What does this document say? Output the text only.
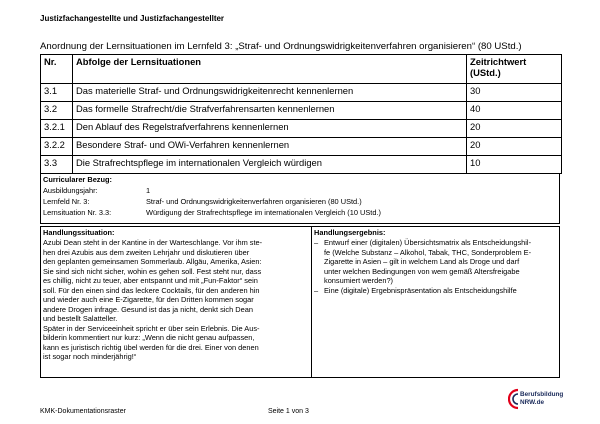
Justizfachangestellte und Justizfachangestellter
Anordnung der Lernsituationen im Lernfeld 3: „Straf- und Ordnungswidrigkeitenverfahren organisieren“ (80 UStd.)
Nr.	Abfolge der Lernsituationen	Zeitrichtwert (UStd.)
3.1	Das materielle Straf- und Ordnungswidrigkeitenrecht kennenlernen	30
3.2	Das formelle Strafrecht/die Strafverfahrensarten kennenlernen	40
3.2.1	Den Ablauf des Regelstrafverfahrens kennenlernen	20
3.2.2	Besondere Straf- und OWi-Verfahren kennenlernen	20
3.3	Die Strafrechtspflege im internationalen Vergleich würdigen	10
Curricularer Bezug:
Ausbildungsjahr:	1
Lernfeld Nr. 3:	Straf- und Ordnungswidrigkeitenverfahren organisieren (80 UStd.)
Lernsituation Nr. 3.3:	Würdigung der Strafrechtspflege im internationalen Vergleich (10 UStd.)
Handlungssituation:

Azubi Dean steht in der Kantine in der Warteschlange. Vor ihm ste-

hen drei Azubis aus dem zweiten Lehrjahr und diskutieren über

den geplanten gemeinsamen Sommerlaub. Allgäu, Amerika, Asien:

Sie sind sich nicht sicher, wohin es gehen soll. Fest steht nur, dass

es chillig, nicht zu teuer, aber entspannt und mit „Fun-Faktor“ sein

soll. Für den einen sind das leckere Cocktails, für den anderen hin

und wieder auch eine E-Zigarette, für den Dritten kommen sogar

andere Drogen infrage. Gesund ist das ja nicht, denkt sich Dean

und bestellt Salatteller.

Später in der Serviceeinheit spricht er über sein Erlebnis. Die Aus-

bilderin kommentiert nur kurz: „Wenn die nicht genau aufpassen,

kann es juristisch richtig übel werden für die drei. Einer von denen

ist sogar noch minderjährig!“

Handlungsergebnis:
– Entwurf einer (digitalen) Übersichtsmatrix als Entscheidungshil-
fe (Welche Substanz – Alkohol, Tabak, THC, Sonderproblem E-
Zigarette in Asien – gilt in welchem Land als Droge und darf
unter welchen Bedingungen von wem gemäß Altersfreigabe
konsumiert werden?)
– Eine (digitale) Ergebnispräsentation als Entscheidungshilfe
KMK-Dokumentationsraster	Seite 1 von 3
Berufsbildung
NRW.de
